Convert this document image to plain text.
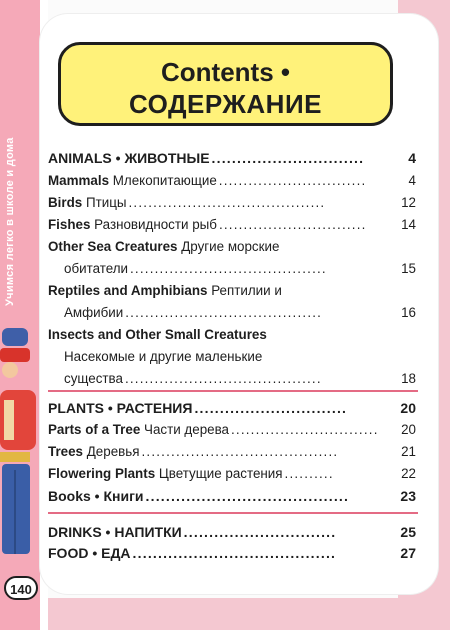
Учимся легко в школе и дома
Contents •
СОДЕРЖАНИЕ
ANIMALS • ЖИВОТНЫЕ ..............................	4
Mammals Млекопитающие ..............................	4
Birds Птицы ........................................	12
Fishes Разновидности рыб ..............................	14
Other Sea Creatures Другие морские
обитатели ........................................	15
Reptiles and Amphibians Рептилии и
Амфибии ........................................	16
Insects and Other Small Creatures
Насекомые и другие маленькие
существа ........................................	18
PLANTS • РАСТЕНИЯ ..............................	20
Parts of a Tree Части дерева ..............................	20
Trees Деревья ........................................	21
Flowering Plants Цветущие растения ..........	22
Books • Книги ........................................	23
DRINKS • НАПИТКИ ..............................	25
FOOD • ЕДА ........................................	27
140
